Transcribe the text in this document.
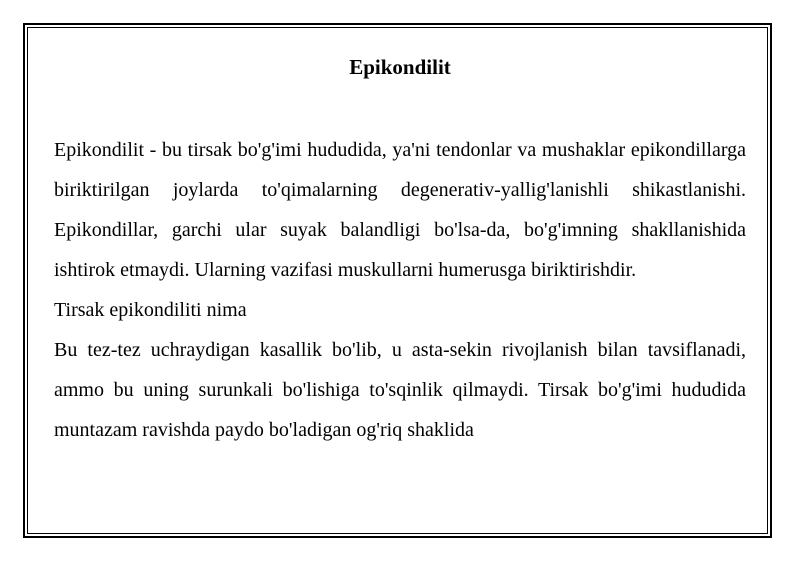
Epikondilit

Epikondilit - bu tirsak bo'g'imi hududida, ya'ni tendonlar va mushaklar epikondillarga biriktirilgan joylarda to'qimalarning degenerativ-yallig'lanishli shikastlanishi. Epikondillar, garchi ular suyak balandligi bo'lsa-da, bo'g'imning shakllanishida ishtirok etmaydi. Ularning vazifasi muskullarni humerusga biriktirishdir.

Tirsak epikondiliti nima

Bu tez-tez uchraydigan kasallik bo'lib, u asta-sekin rivojlanish bilan tavsiflanadi, ammo bu uning surunkali bo'lishiga to'sqinlik qilmaydi. Tirsak bo'g'imi hududida muntazam ravishda paydo bo'ladigan og'riq shaklida
